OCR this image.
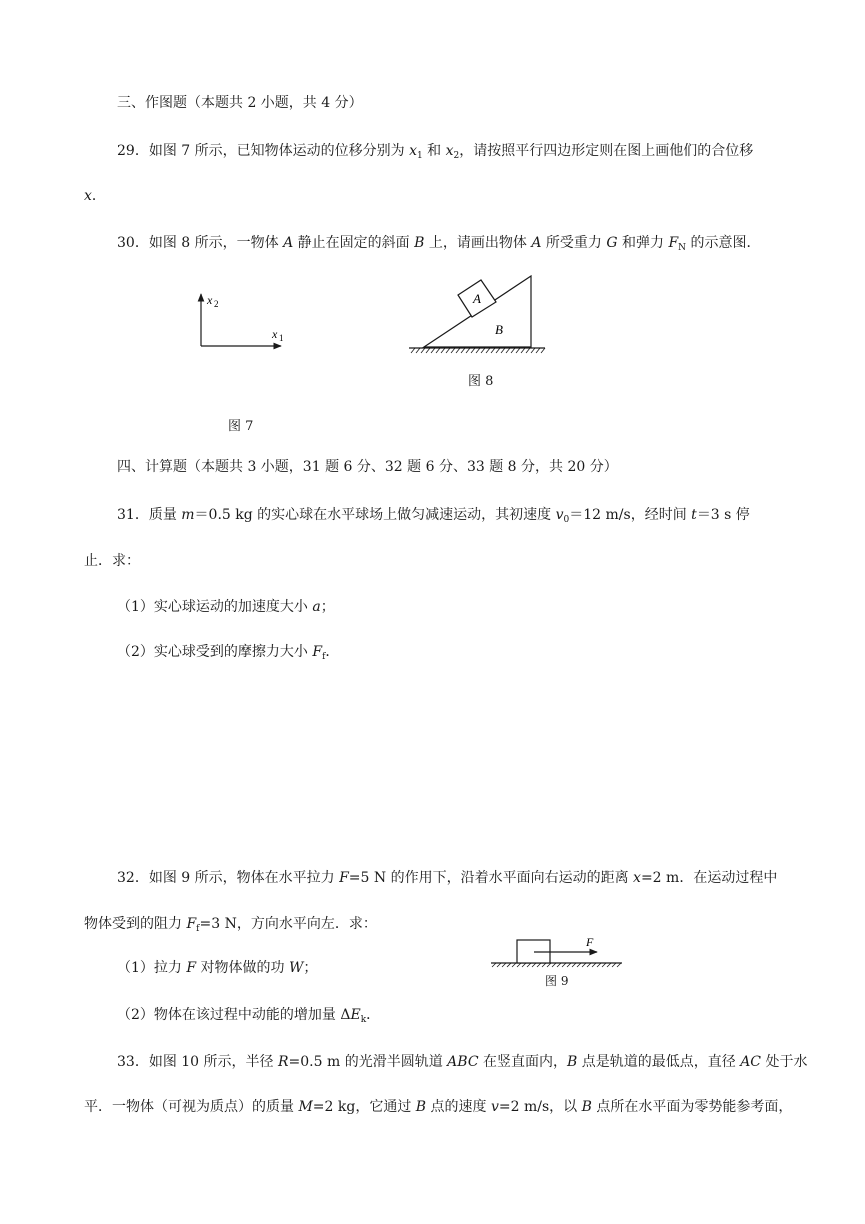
三、作图题（本题共 2 小题，共 4 分）
29．如图 7 所示，已知物体运动的位移分别为 $x_1$ 和 $x_2$，请按照平行四边形定则在图上画他们的合位移
x．
30．如图 8 所示，一物体 A 静止在固定的斜面 B 上，请画出物体 A 所受重力 G 和弹力 $F_N$ 的示意图．
x 2
x 1
图 7
A
B
图 8
四、计算题（本题共 3 小题，31 题 6 分、32 题 6 分、33 题 8 分，共 20 分）
31．质量 m＝0.5 kg 的实心球在水平球场上做匀减速运动，其初速度 $v_0=12$ m/s，经时间 t＝3 s 停
止．求：
（1）实心球运动的加速度大小 a；
（2）实心球受到的摩擦力大小 $F_f$．
32．如图 9 所示，物体在水平拉力 F=5 N 的作用下，沿着水平面向右运动的距离 x=2 m．在运动过程中
物体受到的阻力 $F_f=3$ N，方向水平向左．求：
（1）拉力 F 对物体做的功 W；
（2）物体在该过程中动能的增加量 $\Delta E_k$．
F
图 9
33．如图 10 所示，半径 R=0.5 m 的光滑半圆轨道 ABC 在竖直面内，B 点是轨道的最低点，直径 AC 处于水
平．一物体（可视为质点）的质量 M=2 kg，它通过 B 点的速度 v=2 m/s，以 B 点所在水平面为零势能参考面，
